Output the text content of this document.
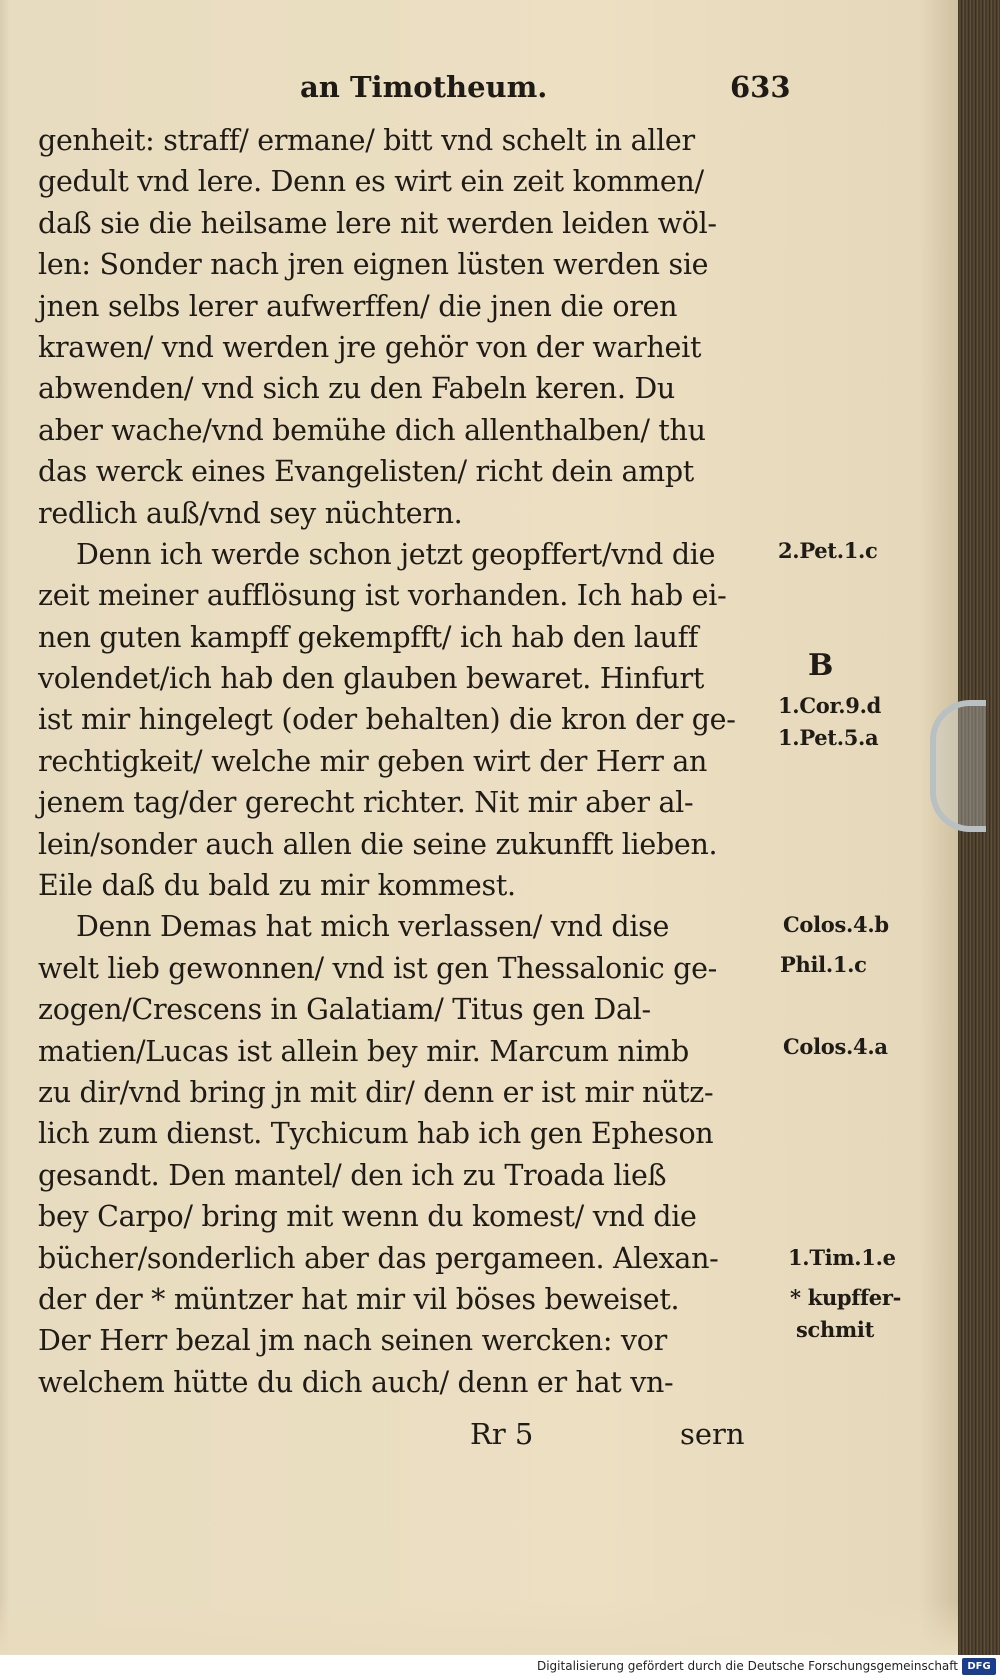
an Timotheum.	633
genheit: straff/ ermane/ bitt vnd schelt in aller
gedult vnd lere. Denn es wirt ein zeit kommen/
daß sie die heilsame lere nit werden leiden wöl-
len: Sonder nach jren eignen lüsten werden sie
jnen selbs lerer aufwerffen/ die jnen die oren
krawen/ vnd werden jre gehör von der warheit
abwenden/ vnd sich zu den Fabeln keren. Du
aber wache/vnd bemühe dich allenthalben/ thu
das werck eines Evangelisten/ richt dein ampt
redlich auß/vnd sey nüchtern.
Denn ich werde schon jetzt geopffert/vnd die
zeit meiner aufflösung ist vorhanden. Ich hab ei-
nen guten kampff gekempfft/ ich hab den lauff
volendet/ich hab den glauben bewaret. Hinfurt
ist mir hingelegt (oder behalten) die kron der ge-
rechtigkeit/ welche mir geben wirt der Herr an
jenem tag/der gerecht richter. Nit mir aber al-
lein/sonder auch allen die seine zukunfft lieben.
Eile daß du bald zu mir kommest.
Denn Demas hat mich verlassen/ vnd dise
welt lieb gewonnen/ vnd ist gen Thessalonic ge-
zogen/Crescens in Galatiam/ Titus gen Dal-
matien/Lucas ist allein bey mir. Marcum nimb
zu dir/vnd bring jn mit dir/ denn er ist mir nütz-
lich zum dienst. Tychicum hab ich gen Epheson
gesandt. Den mantel/ den ich zu Troada ließ
bey Carpo/ bring mit wenn du komest/ vnd die
bücher/sonderlich aber das pergameen. Alexan-
der der * müntzer hat mir vil böses beweiset.
Der Herr bezal jm nach seinen wercken: vor
welchem hütte du dich auch/ denn er hat vn-
2.Pet.1.c
B
1.Cor.9.d
1.Pet.5.a
Colos.4.b
Phil.1.c
Colos.4.a
1.Tim.1.e
* kupffer-
schmit
Rr 5	sern
Digitalisierung gefördert durch die Deutsche Forschungsgemeinschaft DFG
